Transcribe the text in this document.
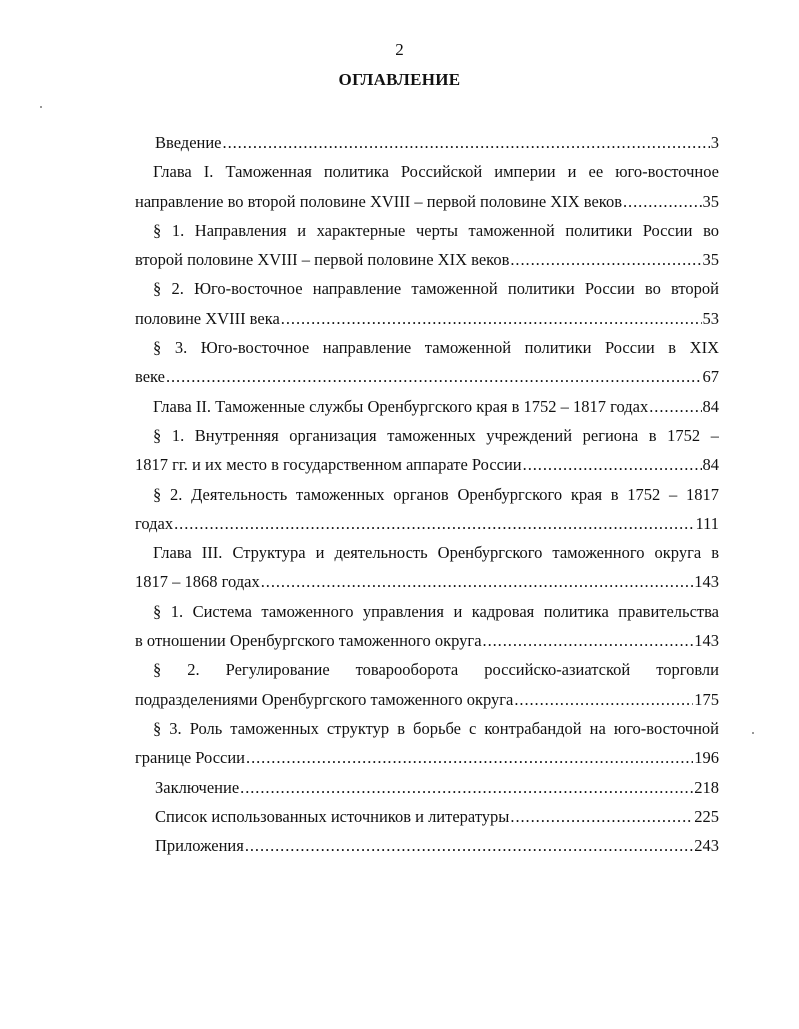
2
ОГЛАВЛЕНИЕ
Введение . . .	3
Глава I. Таможенная политика Российской империи и ее юго-восточное
направление во второй половине XVIII – первой половине XIX веков . . .	35
§ 1. Направления и характерные черты таможенной политики России во
второй половине XVIII – первой половине XIX веков . . .	35
§ 2. Юго-восточное направление таможенной политики России во второй
половине XVIII века . . .	53
§ 3. Юго-восточное направление таможенной политики России в XIX
веке . . .	67
Глава II. Таможенные службы Оренбургского края в 1752 – 1817 годах . . .	84
§ 1. Внутренняя организация таможенных учреждений региона в 1752 –
1817 гг. и их место в государственном аппарате России . . .	84
§ 2. Деятельность таможенных органов Оренбургского края в 1752 – 1817
годах . . .	111
Глава III. Структура и деятельность Оренбургского таможенного округа в
1817 – 1868 годах . . .	143
§ 1. Система таможенного управления и кадровая политика правительства
в отношении Оренбургского таможенного округа . . .	143
§ 2. Регулирование товарооборота российско-азиатской торговли
подразделениями Оренбургского таможенного округа . . .	175
§ 3. Роль таможенных структур в борьбе с контрабандой на юго-восточной
границе России . . .	196
Заключение . . .	218
Список использованных источников и литературы . . .	225
Приложения . . .	243
